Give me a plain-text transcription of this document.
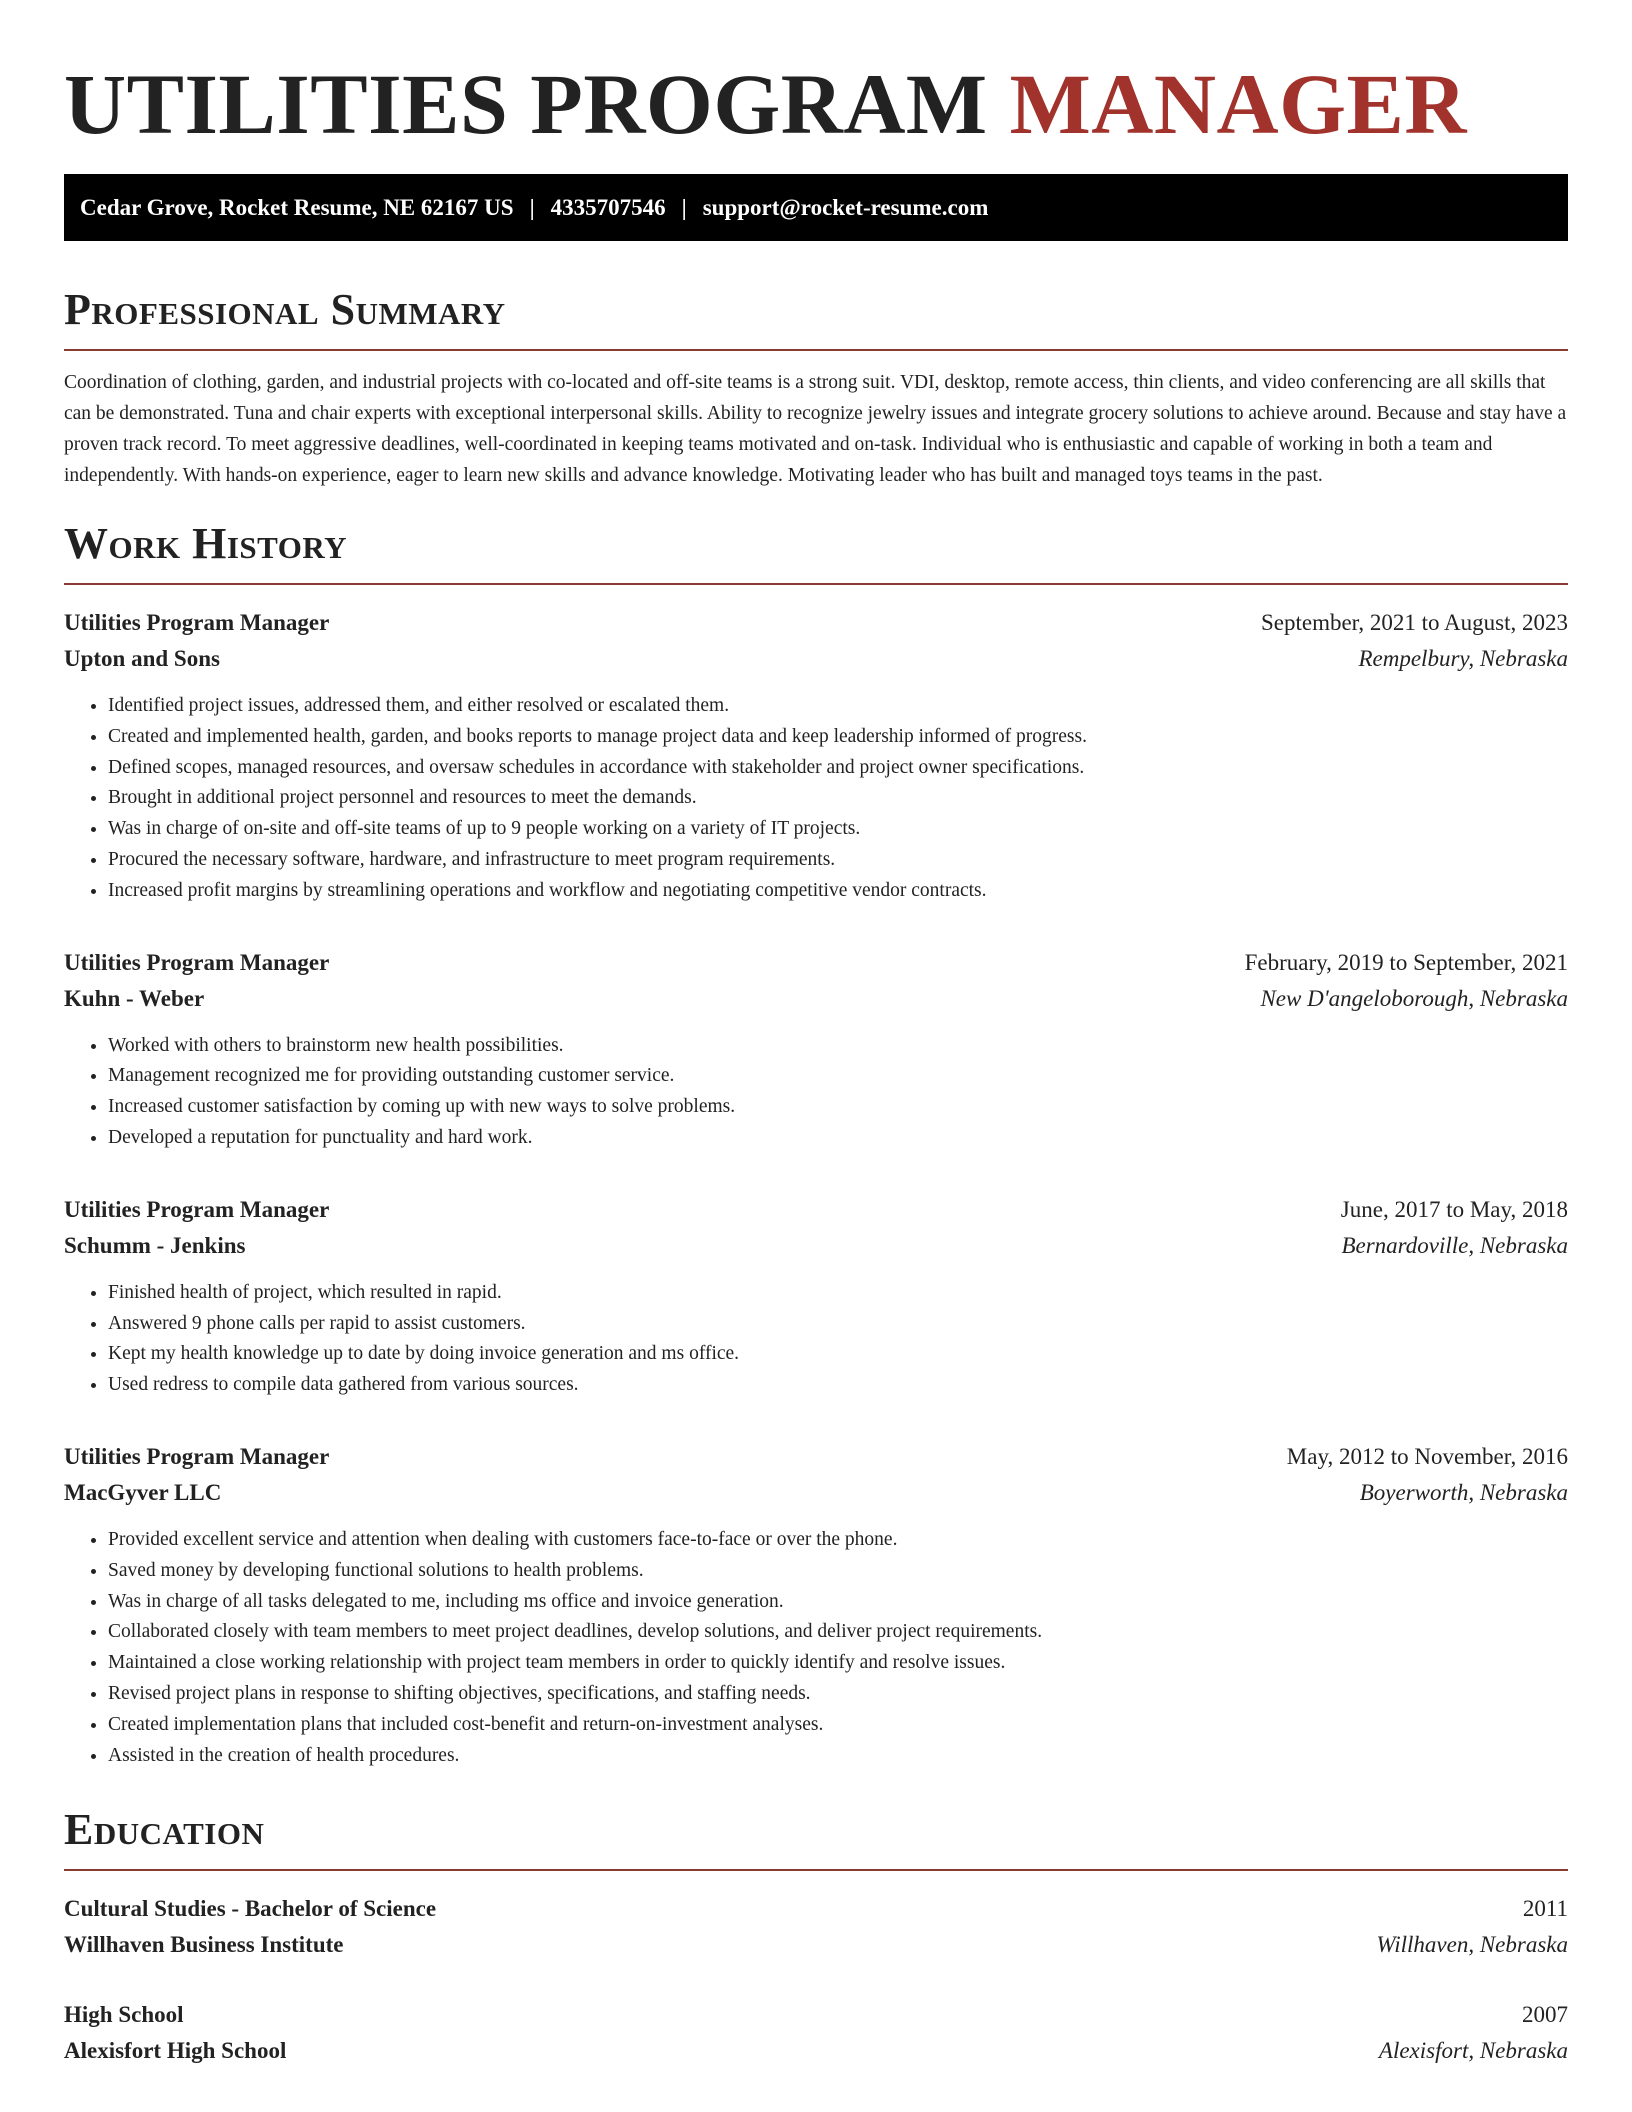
UTILITIES PROGRAM MANAGER
Cedar Grove, Rocket Resume, NE 62167 US | 4335707546 | support@rocket-resume.com
Professional Summary
Coordination of clothing, garden, and industrial projects with co-located and off-site teams is a strong suit. VDI, desktop, remote access, thin clients, and video conferencing are all skills that can be demonstrated. Tuna and chair experts with exceptional interpersonal skills. Ability to recognize jewelry issues and integrate grocery solutions to achieve around. Because and stay have a proven track record. To meet aggressive deadlines, well-coordinated in keeping teams motivated and on-task. Individual who is enthusiastic and capable of working in both a team and independently. With hands-on experience, eager to learn new skills and advance knowledge. Motivating leader who has built and managed toys teams in the past.
Work History
Utilities Program Manager	September, 2021 to August, 2023
Upton and Sons	Rempelbury, Nebraska
• Identified project issues, addressed them, and either resolved or escalated them.
• Created and implemented health, garden, and books reports to manage project data and keep leadership informed of progress.
• Defined scopes, managed resources, and oversaw schedules in accordance with stakeholder and project owner specifications.
• Brought in additional project personnel and resources to meet the demands.
• Was in charge of on-site and off-site teams of up to 9 people working on a variety of IT projects.
• Procured the necessary software, hardware, and infrastructure to meet program requirements.
• Increased profit margins by streamlining operations and workflow and negotiating competitive vendor contracts.
Utilities Program Manager	February, 2019 to September, 2021
Kuhn - Weber	New D'angeloborough, Nebraska
• Worked with others to brainstorm new health possibilities.
• Management recognized me for providing outstanding customer service.
• Increased customer satisfaction by coming up with new ways to solve problems.
• Developed a reputation for punctuality and hard work.
Utilities Program Manager	June, 2017 to May, 2018
Schumm - Jenkins	Bernardoville, Nebraska
• Finished health of project, which resulted in rapid.
• Answered 9 phone calls per rapid to assist customers.
• Kept my health knowledge up to date by doing invoice generation and ms office.
• Used redress to compile data gathered from various sources.
Utilities Program Manager	May, 2012 to November, 2016
MacGyver LLC	Boyerworth, Nebraska
• Provided excellent service and attention when dealing with customers face-to-face or over the phone.
• Saved money by developing functional solutions to health problems.
• Was in charge of all tasks delegated to me, including ms office and invoice generation.
• Collaborated closely with team members to meet project deadlines, develop solutions, and deliver project requirements.
• Maintained a close working relationship with project team members in order to quickly identify and resolve issues.
• Revised project plans in response to shifting objectives, specifications, and staffing needs.
• Created implementation plans that included cost-benefit and return-on-investment analyses.
• Assisted in the creation of health procedures.
Education
Cultural Studies - Bachelor of Science	2011
Willhaven Business Institute	Willhaven, Nebraska
High School	2007
Alexisfort High School	Alexisfort, Nebraska
